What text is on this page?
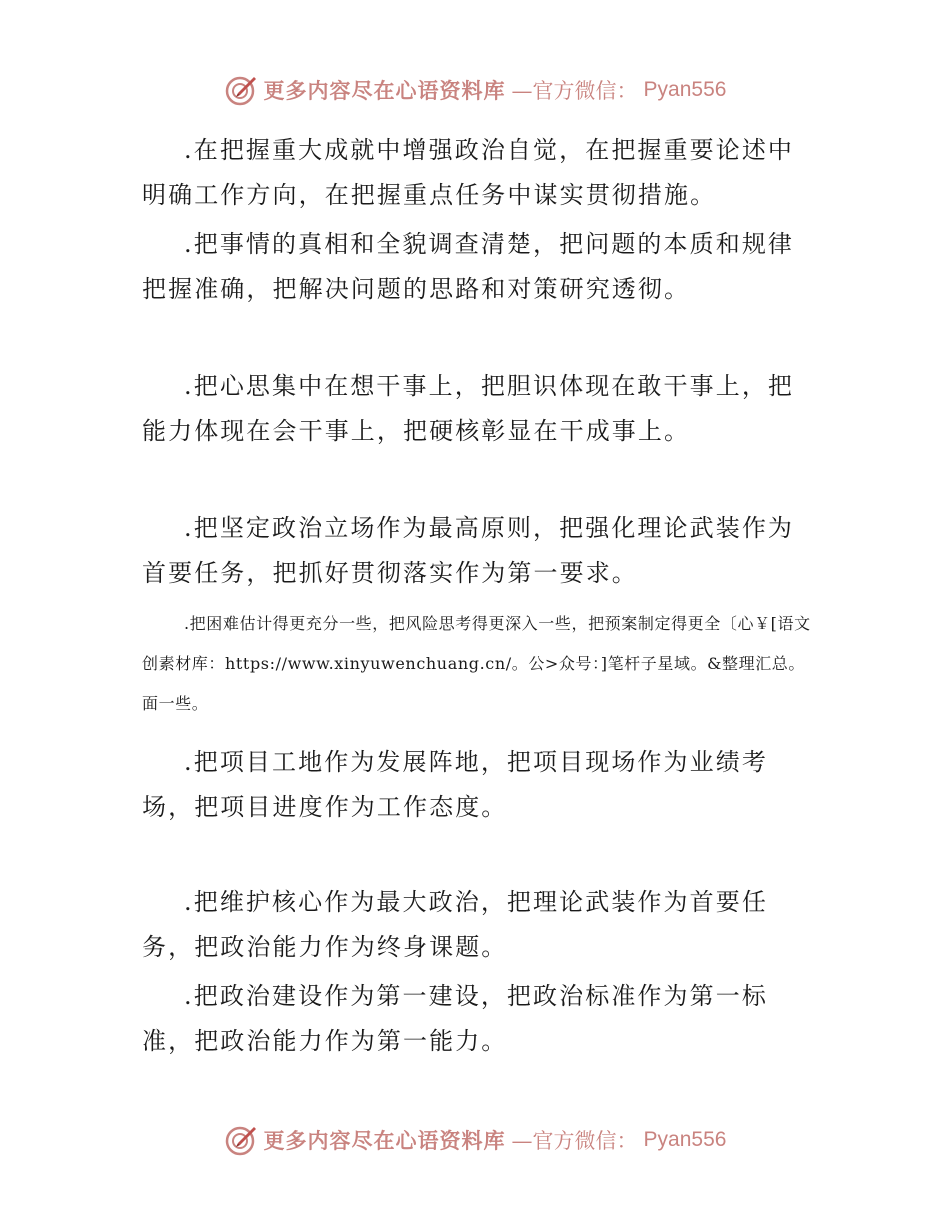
更多内容尽在心语资料库 —官方微信： Pyan556

.在把握重大成就中增强政治自觉，在把握重要论述中明确工作方向，在把握重点任务中谋实贯彻措施。

.把事情的真相和全貌调查清楚，把问题的本质和规律把握准确，把解决问题的思路和对策研究透彻。

.把心思集中在想干事上，把胆识体现在敢干事上，把能力体现在会干事上，把硬核彰显在干成事上。

.把坚定政治立场作为最高原则，把强化理论武装作为首要任务，把抓好贯彻落实作为第一要求。

.把困难估计得更充分一些，把风险思考得更深入一些，把预案制定得更全〔心￥[语文创素材库：https://www.xinyuwenchuang.cn/。公>众号：]笔杆子星域。&整理汇总。面一些。

.把项目工地作为发展阵地，把项目现场作为业绩考场，把项目进度作为工作态度。

.把维护核心作为最大政治，把理论武装作为首要任务，把政治能力作为终身课题。

.把政治建设作为第一建设，把政治标准作为第一标准，把政治能力作为第一能力。

更多内容尽在心语资料库 —官方微信： Pyan556
